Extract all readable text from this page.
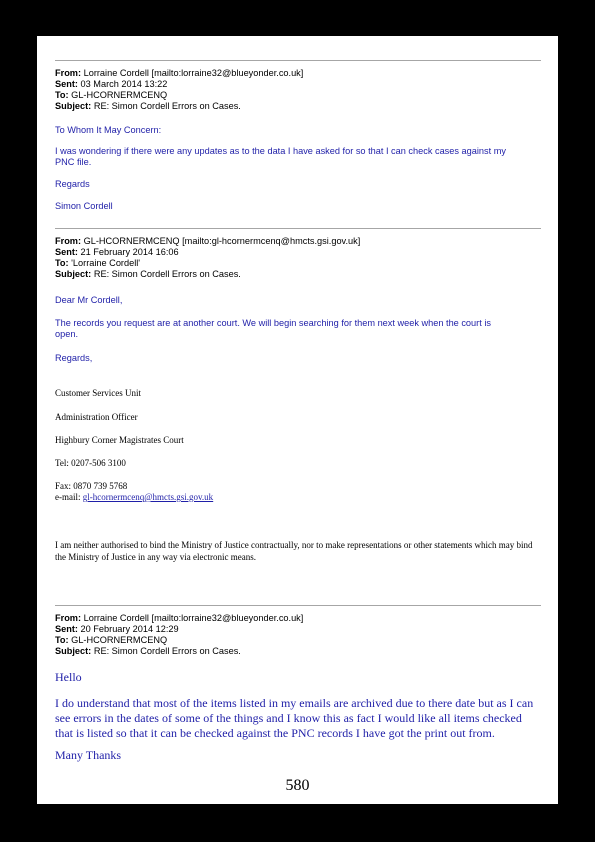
From: Lorraine Cordell [mailto:lorraine32@blueyonder.co.uk]
Sent: 03 March 2014 13:22
To: GL-HCORNERMCENQ
Subject: RE: Simon Cordell Errors on Cases.
To Whom It May Concern:
I was wondering if there were any updates as to the data I have asked for so that I can check cases against my
PNC file.
Regards
Simon Cordell
From: GL-HCORNERMCENQ [mailto:gl-hcornermcenq@hmcts.gsi.gov.uk]
Sent: 21 February 2014 16:06
To: 'Lorraine Cordell'
Subject: RE: Simon Cordell Errors on Cases.
Dear Mr Cordell,
The records you request are at another court. We will begin searching for them next week when the court is
open.
Regards,
Customer Services Unit
Administration Officer
Highbury Corner Magistrates Court
Tel: 0207-506 3100
Fax: 0870 739 5768
e-mail: gl-hcornermcenq@hmcts.gsi.gov.uk
I am neither authorised to bind the Ministry of Justice contractually, nor to make representations or other statements which may bind the Ministry of Justice in any way via electronic means.
From: Lorraine Cordell [mailto:lorraine32@blueyonder.co.uk]
Sent: 20 February 2014 12:29
To: GL-HCORNERMCENQ
Subject: RE: Simon Cordell Errors on Cases.
Hello
I do understand that most of the items listed in my emails are archived due to there date but as I can see errors in the dates of some of the things and I know this as fact I would like all items checked that is listed so that it can be checked against the PNC records I have got the print out from.
Many Thanks
580
